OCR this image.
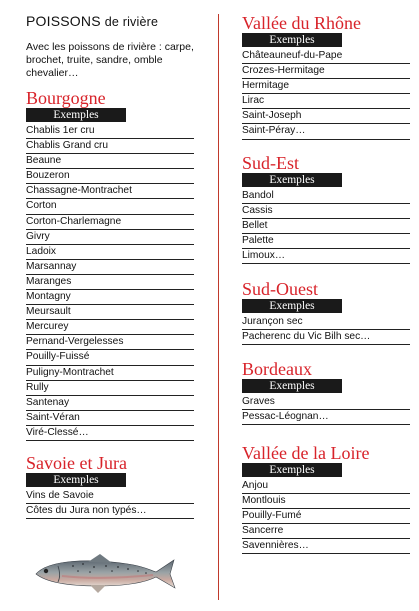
POISSONS de rivière
Avec les poissons de rivière : carpe, brochet, truite, sandre, omble chevalier…
Bourgogne
Exemples
Chablis 1er cru
Chablis Grand cru
Beaune
Bouzeron
Chassagne-Montrachet
Corton
Corton-Charlemagne
Givry
Ladoix
Marsannay
Maranges
Montagny
Meursault
Mercurey
Pernand-Vergelesses
Pouilly-Fuissé
Puligny-Montrachet
Rully
Santenay
Saint-Véran
Viré-Clessé…
Savoie et Jura
Exemples
Vins de Savoie
Côtes du Jura non typés…
Vallée du Rhône
Exemples
Châteauneuf-du-Pape
Crozes-Hermitage
Hermitage
Lirac
Saint-Joseph
Saint-Péray…
Sud-Est
Exemples
Bandol
Cassis
Bellet
Palette
Limoux…
Sud-Ouest
Exemples
Jurançon sec
Pacherenc du Vic Bilh sec…
Bordeaux
Exemples
Graves
Pessac-Léognan…
Vallée de la Loire
Exemples
Anjou
Montlouis
Pouilly-Fumé
Sancerre
Savennières…
